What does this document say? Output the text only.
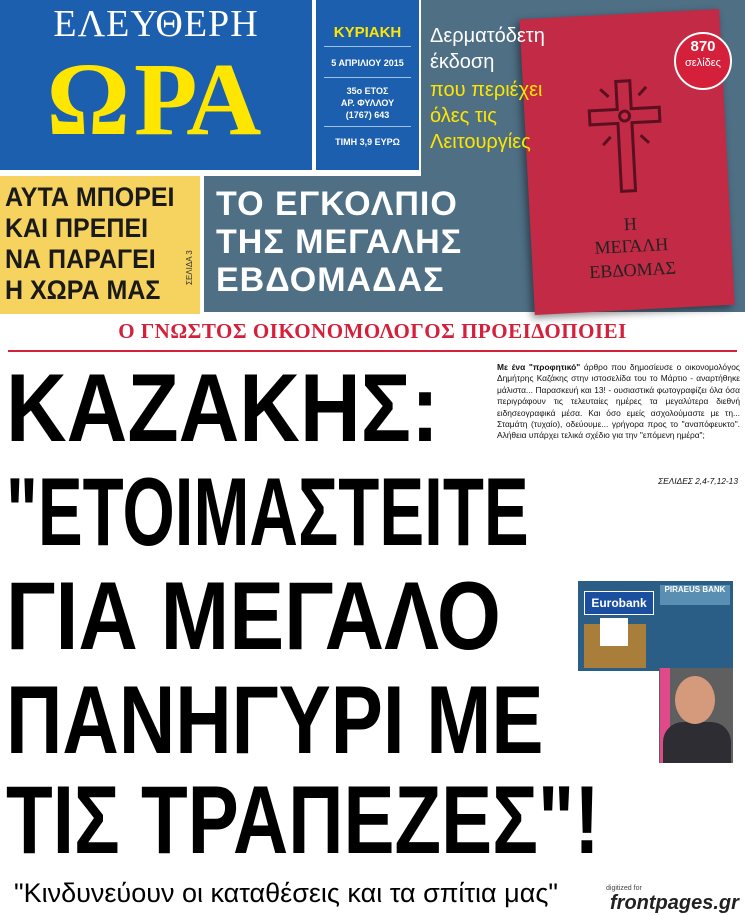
ΕΛΕΥΘΕΡΗ
ΩΡΑ
ΚΥΡΙΑΚΗ
5 ΑΠΡΙΛΙΟΥ 2015
35ο ΕΤΟΣ
ΑΡ. ΦΥΛΛΟΥ
(1767) 643
ΤΙΜΗ 3,9 ΕΥΡΩ
Η
ΜΕΓΑΛΗ
ΕΒΔΟΜΑΣ
Δερματόδετη
έκδοση
που περιέχει
όλες τις
Λειτουργίες
870
σελίδες
ΑΥΤΑ ΜΠΟΡΕΙ
ΚΑΙ ΠΡΕΠΕΙ
ΝΑ ΠΑΡΑΓΕΙ
Η ΧΩΡΑ ΜΑΣ
ΣΕΛΙΔΑ 3
ΤΟ ΕΓΚΟΛΠΙΟ
ΤΗΣ ΜΕΓΑΛΗΣ
ΕΒΔΟΜΑΔΑΣ
Ο ΓΝΩΣΤΟΣ ΟΙΚΟΝΟΜΟΛΟΓΟΣ ΠΡΟΕΙΔΟΠΟΙΕΙ
ΚΑΖΑΚΗΣ:
"ΕΤΟΙΜΑΣΤΕΙΤΕ
ΓΙΑ ΜΕΓΑΛΟ
ΠΑΝΗΓΥΡΙ ΜΕ
ΤΙΣ ΤΡΑΠΕΖΕΣ"!
Με ένα "προφητικό" άρθρο που δημοσίευσε ο οικονομολόγος Δημήτρης Καζάκης στην ιστοσελίδα του το Μάρτιο - αναρτήθηκε μάλιστα... Παρασκευή και 13! - ουσιαστικά φωτογραφίζει όλα όσα περιγράφουν τις τελευταίες ημέρες τα μεγαλύτερα διεθνή ειδησεογραφικά μέσα. Και όσο εμείς ασχολούμαστε με τη... Σταμάτη (τυχαίο), οδεύουμε... γρήγορα προς το "αναπόφευκτο". Αλήθεια υπάρχει τελικά σχέδιο για την "επόμενη ημέρα";
ΣΕΛΙΔΕΣ 2,4-7,12-13
Eurobank
PIRAEUS BANK
"Κινδυνεύουν οι καταθέσεις και τα σπίτια μας"	digitized for
frontpages.gr
